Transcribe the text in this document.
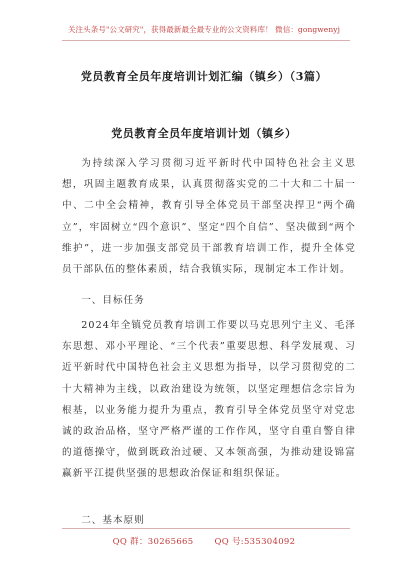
关注头条号"公文研究"，获得最新最全最专业的公文资料库！ 微信：gongwenyj
党员教育全员年度培训计划汇编（镇乡）（3篇）
党员教育全员年度培训计划（镇乡）

为持续深入学习贯彻习近平新时代中国特色社会主义思想，巩固主题教育成果，认真贯彻落实党的二十大和二十届一中、二中全会精神，教育引导全体党员干部坚决捍卫“两个确立”，牢固树立“四个意识”、坚定“四个自信”、坚决做到“两个维护”，进一步加强支部党员干部教育培训工作，提升全体党员干部队伍的整体素质，结合我镇实际，现制定本工作计划。

一、目标任务

2024年全镇党员教育培训工作要以马克思列宁主义、毛泽东思想、邓小平理论、“三个代表”重要思想、科学发展观、习近平新时代中国特色社会主义思想为指导，以学习贯彻党的二十大精神为主线，以政治建设为统领，以坚定理想信念宗旨为根基，以业务能力提升为重点，教育引导全体党员坚守对党忠诚的政治品格，坚守严格严谨的工作作风，坚守自重自警自律的道德操守，做到既政治过硬、又本领高强，为推动建设锦富赢新平江提供坚强的思想政治保证和组织保证。

二、基本原则
QQ 群：30265665 QQ 号:535304092
